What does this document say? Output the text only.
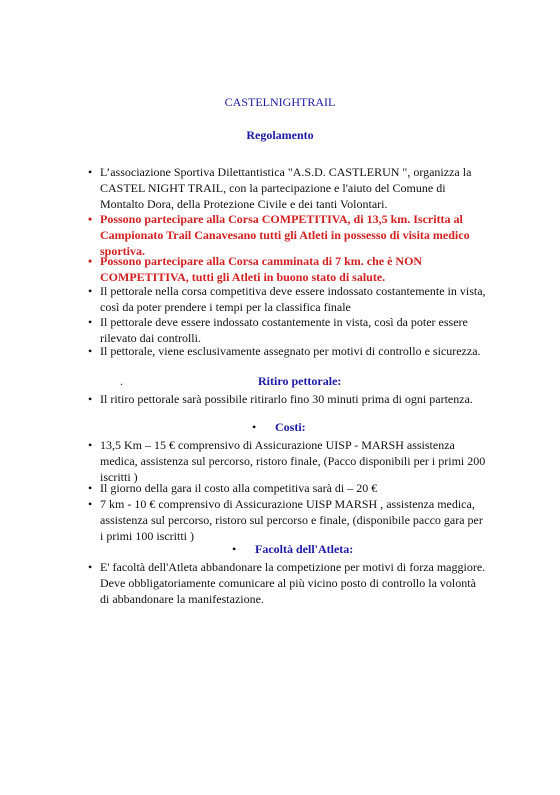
CASTELNIGHTRAIL
Regolamento
• L’associazione Sportiva Dilettantistica "A.S.D. CASTLERUN ", organizza la CASTEL NIGHT TRAIL, con la partecipazione e l'aiuto del Comune di Montalto Dora, della Protezione Civile e dei tanti Volontari.
• Possono partecipare alla Corsa COMPETITIVA, di 13,5 km. Iscritta al Campionato Trail Canavesano tutti gli Atleti in possesso di visita medico sportiva.
• Possono partecipare alla Corsa camminata di 7 km. che è NON COMPETITIVA, tutti gli Atleti in buono stato di salute.
• Il pettorale nella corsa competitiva deve essere indossato costantemente in vista, così da poter prendere i tempi per la classifica finale
• Il pettorale deve essere indossato costantemente in vista, così da poter essere rilevato dai controlli.
• Il pettorale, viene esclusivamente assegnato per motivi di controllo e sicurezza.
.	Ritiro pettorale:
• Il ritiro pettorale sarà possibile ritirarlo fino 30 minuti prima di ogni partenza.
• Costi:
• 13,5 Km – 15 € comprensivo di Assicurazione UISP - MARSH assistenza medica, assistenza sul percorso, ristoro finale, (Pacco disponibili per i primi 200 iscritti )
• Il giorno della gara il costo alla competitiva sarà di – 20 €
• 7 km - 10 € comprensivo di Assicurazione UISP MARSH , assistenza medica, assistenza sul percorso, ristoro sul percorso e finale, (disponibile pacco gara per i primi 100 iscritti )
• Facoltà dell'Atleta:
• E' facoltà dell'Atleta abbandonare la competizione per motivi di forza maggiore. Deve obbligatoriamente comunicare al più vicino posto di controllo la volontà di abbandonare la manifestazione.
